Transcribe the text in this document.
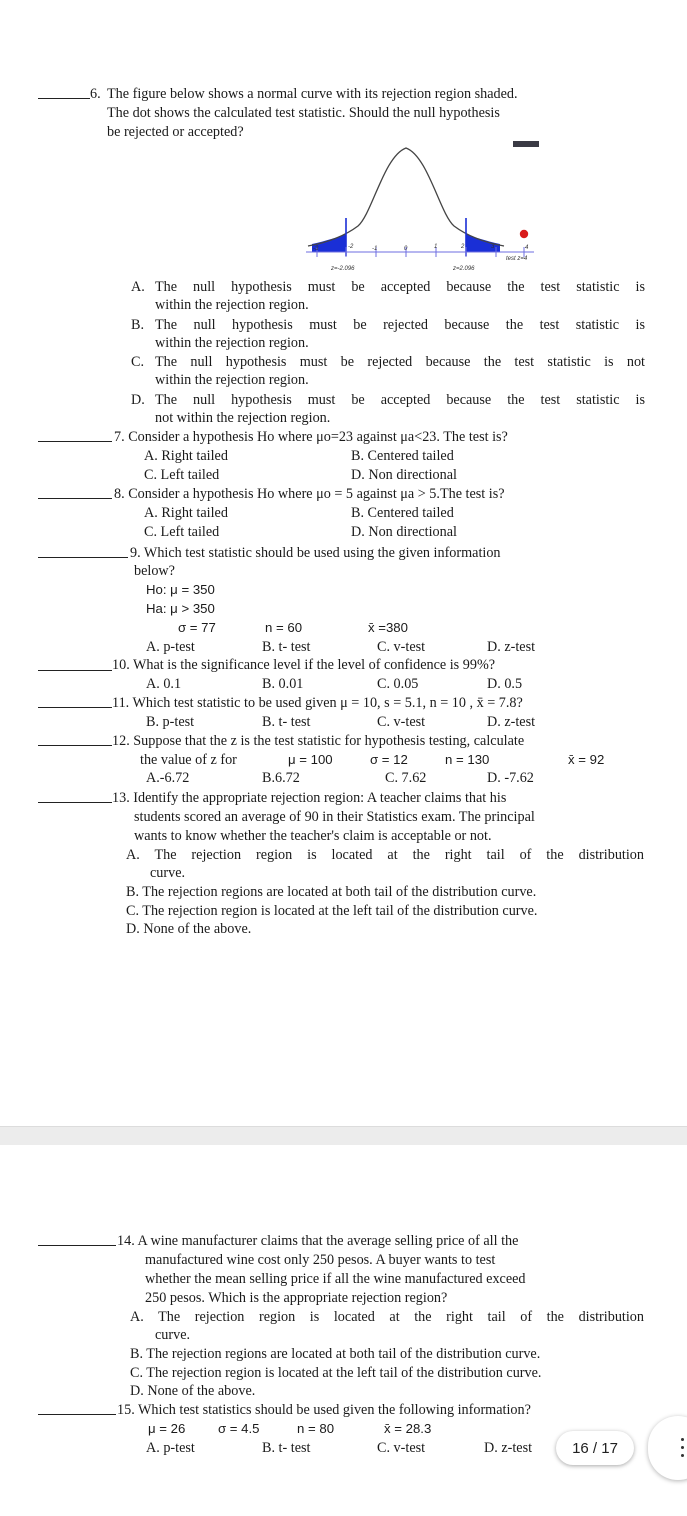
6. The figure below shows a normal curve with its rejection region shaded.
The dot shows the calculated test statistic. Should the null hypothesis
be rejected or accepted?
-3	-2	-1	0	1	2	3	4
z=-2.096	z=2.096
test z=4
A. The null hypothesis must be accepted because the test statistic is
within the rejection region.
B. The null hypothesis must be rejected because the test statistic is
within the rejection region.
C. The null hypothesis must be rejected because the test statistic is not
within the rejection region.
D. The null hypothesis must be accepted because the test statistic is
not within the rejection region.
7. Consider a hypothesis Ho where μo=23 against μa<23. The test is?
A. Right tailed	B. Centered tailed
C. Left tailed	D. Non directional
8. Consider a hypothesis Ho where μo = 5 against μa > 5.The test is?
A. Right tailed	B. Centered tailed
C. Left tailed	D. Non directional
9. Which test statistic should be used using the given information
below?
Ho: μ = 350
Ha: μ > 350
σ = 77	n = 60	x̄ =380
A. p-test	B. t- test	C. v-test	D. z-test
10. What is the significance level if the level of confidence is 99%?
A. 0.1	B. 0.01	C. 0.05	D. 0.5
11. Which test statistic to be used given μ = 10, s = 5.1, n = 10 , x̄ = 7.8?
B. p-test	B. t- test	C. v-test	D. z-test
12. Suppose that the z is the test statistic for hypothesis testing, calculate
the value of z for	μ = 100	σ = 12	n = 130	x̄ = 92
A.-6.72	B.6.72	C. 7.62	D. -7.62
13. Identify the appropriate rejection region: A teacher claims that his
students scored an average of 90 in their Statistics exam. The principal
wants to know whether the teacher's claim is acceptable or not.
A. The rejection region is located at the right tail of the distribution
curve.
B. The rejection regions are located at both tail of the distribution curve.
C. The rejection region is located at the left tail of the distribution curve.
D. None of the above.
14. A wine manufacturer claims that the average selling price of all the
manufactured wine cost only 250 pesos. A buyer wants to test
whether the mean selling price if all the wine manufactured exceed
250 pesos. Which is the appropriate rejection region?
A. The rejection region is located at the right tail of the distribution
curve.
B. The rejection regions are located at both tail of the distribution curve.
C. The rejection region is located at the left tail of the distribution curve.
D. None of the above.
15. Which test statistics should be used given the following information?
μ = 26 σ = 4.5	n = 80	x̄ = 28.3
A. p-test	B. t- test	C. v-test	D. z-test	16 / 17
